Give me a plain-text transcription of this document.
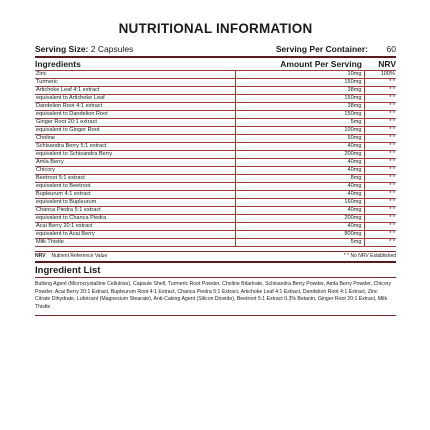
NUTRITIONAL INFORMATION
Serving Size: 2 Capsules	Serving Per Container:	60
Ingredients	Amount Per Serving	NRV
Zinc	10mg	100%
Turmeric	150mg	* *
Artichoke Leaf 4:1 extract	38mg	* *
equivalent to Artichoke Leaf	150mg	* *
Dandelion Root 4:1 extract	38mg	* *
equivalent to Dandelion Root	150mg	* *
Ginger Root 20:1 extract	5mg	* *
equivalent to Ginger Root	100mg	* *
Choline	50mg	* *
Schisandra Berry 5:1 extract	40mg	* *
equivalent to Schisandra Berry	200mg	* *
Amla Berry	40mg	* *
Chicory	40mg	* *
Beetroot 5:1 extract	8mg	* *
equivalent to Beetroot	40mg	* *
Bupleurum 4:1 extract	40mg	* *
equivalent to Bupleurum	160mg	* *
Chanca Piedra 5:1 extract	40mg	* *
equivalent to Chanca Piedra	200mg	* *
Acai Berry 20:1 extract	40mg	* *
equivalent to Acai Berry	800mg	* *
Milk Thistle	5mg	* *
NRV Nutrient Reference Value	* * No NRV Established
Ingredient List
Bulking Agent (Microcrystalline Cellulose), Capsule Shell, Turmeric Root Powder, Choline Bitartrate, Schisandra Berry Powder, Amla Berry Powder, Chicory Powder, Acai Berry 20:1 Extract, Bupleurum Root 4:1 Extract, Chanca Piedra 5:1 Extract, Artichoke Leaf 4:1 Extract, Dandelion Root 4:1 Extract, Zinc Citrate Dihydrate, Lubricant (Magnesium Stearate), Anti-Caking Agent (Silicon Dioxide), Beetroot 5:1 Extract 0.3% Betanin, Ginger Root 20:1 Extract, Milk Thistle
